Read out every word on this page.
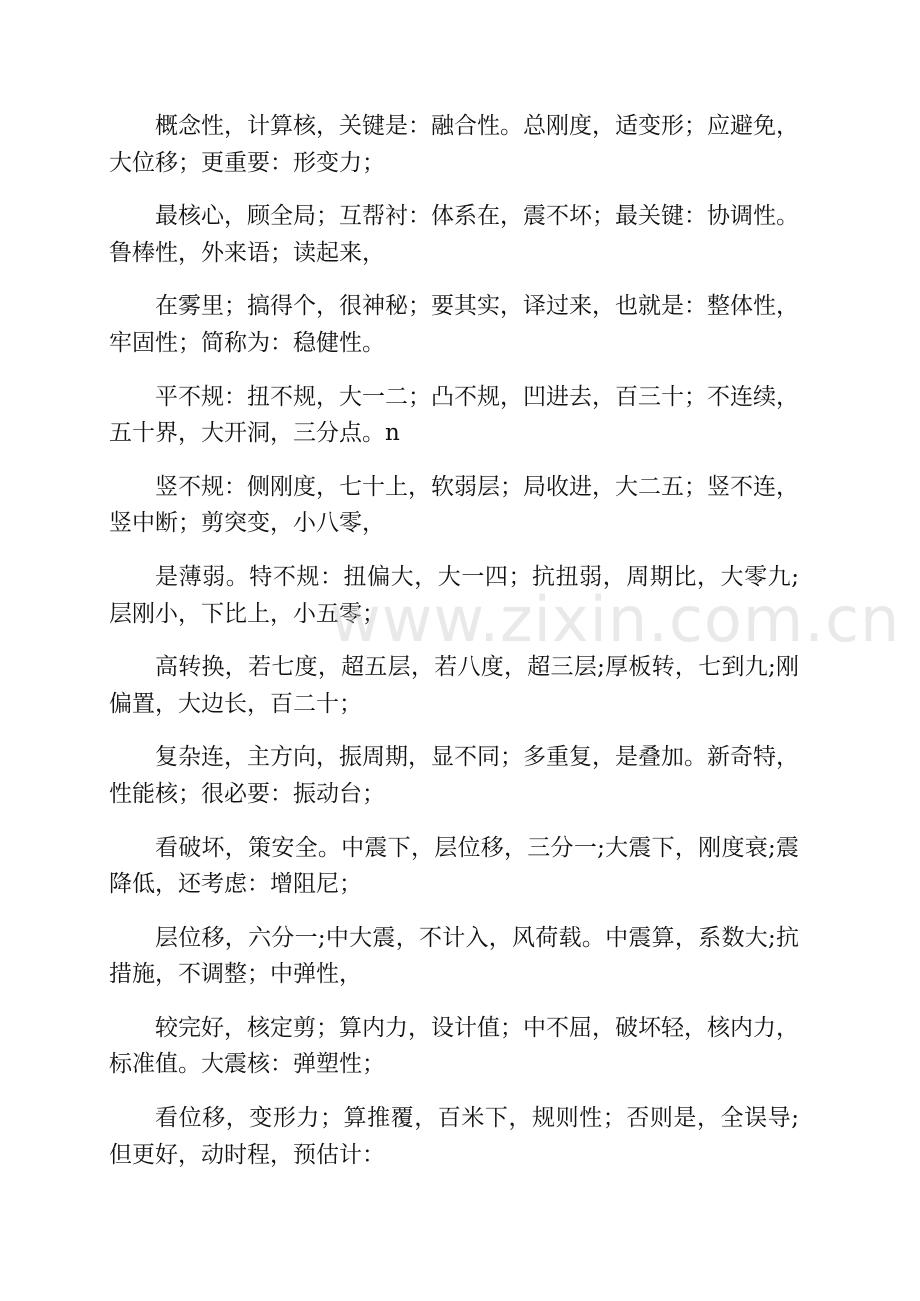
概念性，计算核，关键是：融合性。总刚度，适变形；应避免，大位移；更重要：形变力；

最核心，顾全局；互帮衬：体系在，震不坏；最关键：协调性。鲁棒性，外来语；读起来，

在雾里；搞得个，很神秘；要其实，译过来，也就是：整体性，牢固性；简称为：稳健性。

平不规：扭不规，大一二；凸不规，凹进去，百三十；不连续，五十界，大开洞，三分点。n

竖不规：侧刚度，七十上，软弱层；局收进，大二五；竖不连，竖中断；剪突变，小八零，

是薄弱。特不规：扭偏大，大一四；抗扭弱，周期比，大零九;层刚小，下比上，小五零；

高转换，若七度，超五层，若八度，超三层;厚板转，七到九;刚偏置，大边长，百二十；

复杂连，主方向，振周期，显不同；多重复，是叠加。新奇特，性能核；很必要：振动台；

看破坏，策安全。中震下，层位移，三分一;大震下，刚度衰;震降低，还考虑：增阻尼；

层位移，六分一;中大震，不计入，风荷载。中震算，系数大;抗措施，不调整；中弹性，

较完好，核定剪；算内力，设计值；中不屈，破坏轻，核内力，标准值。大震核：弹塑性；

看位移，变形力；算推覆，百米下，规则性；否则是，全误导;但更好，动时程，预估计：

www.zixin.com.cn
